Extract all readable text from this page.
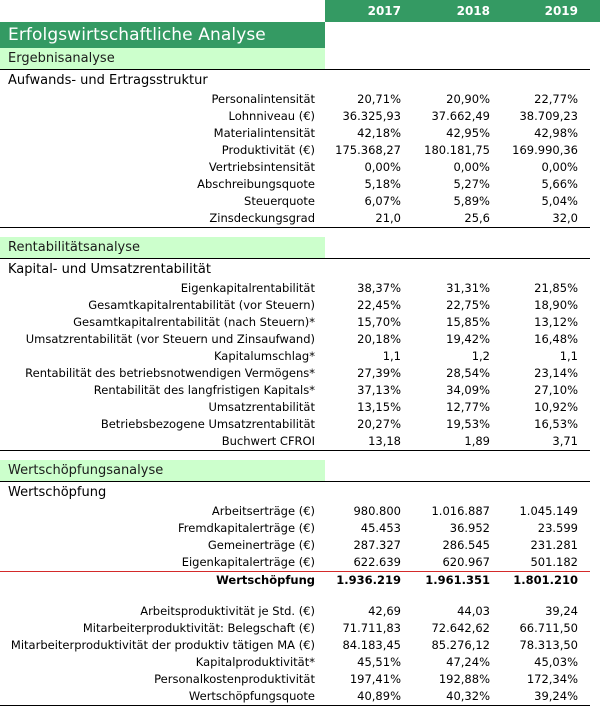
	2017	2018	2019	
Erfolgswirtschaftliche Analyse				
Ergebnisanalyse				
Aufwands- und Ertragsstruktur				
Personalintensität	20,71%	20,90%	22,77%	
Lohnniveau (€)	36.325,93	37.662,49	38.709,23	
Materialintensität	42,18%	42,95%	42,98%	
Produktivität (€)	175.368,27	180.181,75	169.990,36	
Vertriebsintensität	0,00%	0,00%	0,00%	
Abschreibungsquote	5,18%	5,27%	5,66%	
Steuerquote	6,07%	5,89%	5,04%	
Zinsdeckungsgrad	21,0	25,6	32,0	

Rentabilitätsanalyse				
Kapital- und Umsatzrentabilität				
Eigenkapitalrentabilität	38,37%	31,31%	21,85%	
Gesamtkapitalrentabilität (vor Steuern)	22,45%	22,75%	18,90%	
Gesamtkapitalrentabilität (nach Steuern)*	15,70%	15,85%	13,12%	
Umsatzrentabilität (vor Steuern und Zinsaufwand)	20,18%	19,42%	16,48%	
Kapitalumschlag*	1,1	1,2	1,1	
Rentabilität des betriebsnotwendigen Vermögens*	27,39%	28,54%	23,14%	
Rentabilität des langfristigen Kapitals*	37,13%	34,09%	27,10%	
Umsatzrentabilität	13,15%	12,77%	10,92%	
Betriebsbezogene Umsatzrentabilität	20,27%	19,53%	16,53%	
Buchwert CFROI	13,18	1,89	3,71	

Wertschöpfungsanalyse				
Wertschöpfung				
Arbeitserträge (€)	980.800	1.016.887	1.045.149	
Fremdkapitalerträge (€)	45.453	36.952	23.599	
Gemeinerträge (€)	287.327	286.545	231.281	
Eigenkapitalerträge (€)	622.639	620.967	501.182	
Wertschöpfung	1.936.219	1.961.351	1.801.210	

Arbeitsproduktivität je Std. (€)	42,69	44,03	39,24	
Mitarbeiterproduktivität: Belegschaft (€)	71.711,83	72.642,62	66.711,50	
Mitarbeiterproduktivität der produktiv tätigen MA (€)	84.183,45	85.276,12	78.313,50	
Kapitalproduktivität*	45,51%	47,24%	45,03%	
Personalkostenproduktivität	197,41%	192,88%	172,34%	
Wertschöpfungsquote	40,89%	40,32%	39,24%	
